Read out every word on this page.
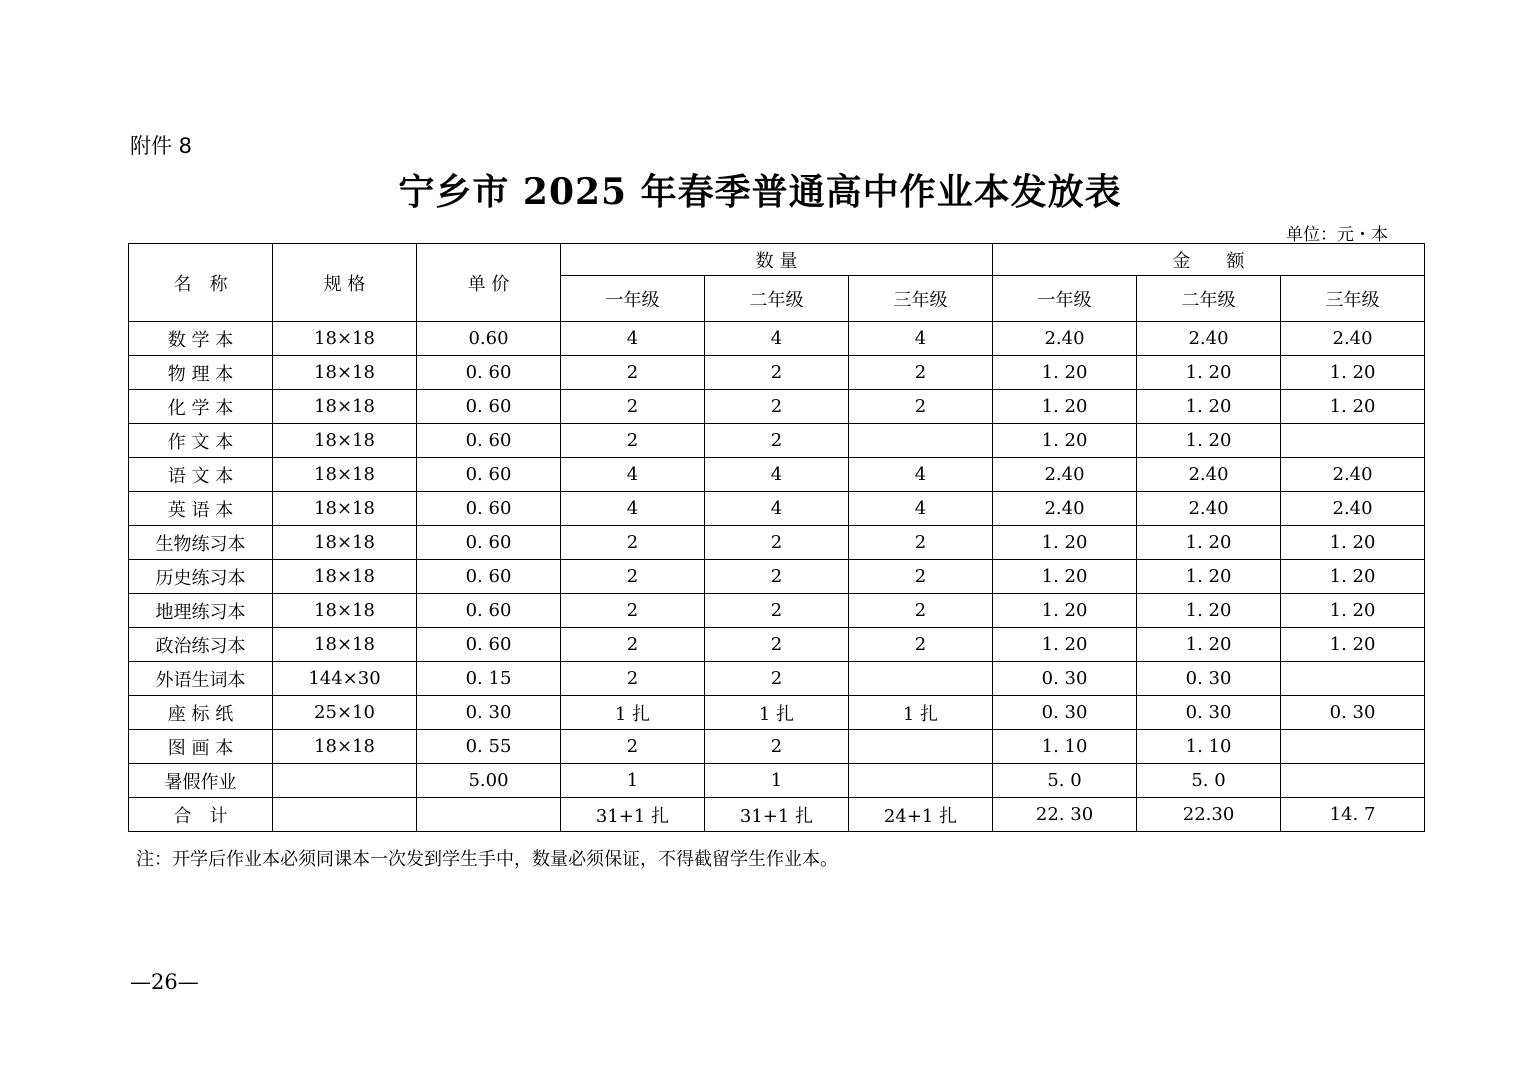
附件 8
宁乡市 2025 年春季普通高中作业本发放表
单位：元・本
名　称	规 格	单 价	数 量			金　　额		
			一年级	二年级	三年级	一年级	二年级	三年级
数 学 本	18×18	0.60	4	4	4	2.40	2.40	2.40
物 理 本	18×18	0. 60	2	2	2	1. 20	1. 20	1. 20
化 学 本	18×18	0. 60	2	2	2	1. 20	1. 20	1. 20
作 文 本	18×18	0. 60	2	2		1. 20	1. 20	
语 文 本	18×18	0. 60	4	4	4	2.40	2.40	2.40
英 语 本	18×18	0. 60	4	4	4	2.40	2.40	2.40
生物练习本	18×18	0. 60	2	2	2	1. 20	1. 20	1. 20
历史练习本	18×18	0. 60	2	2	2	1. 20	1. 20	1. 20
地理练习本	18×18	0. 60	2	2	2	1. 20	1. 20	1. 20
政治练习本	18×18	0. 60	2	2	2	1. 20	1. 20	1. 20
外语生词本	144×30	0. 15	2	2		0. 30	0. 30	
座 标 纸	25×10	0. 30	1 扎	1 扎	1 扎	0. 30	0. 30	0. 30
图 画 本	18×18	0. 55	2	2		1. 10	1. 10	
暑假作业		5.00	1	1		5. 0	5. 0	
合　计			31+1 扎	31+1 扎	24+1 扎	22. 30	22.30	14. 7
注：开学后作业本必须同课本一次发到学生手中，数量必须保证，不得截留学生作业本。
—26—
